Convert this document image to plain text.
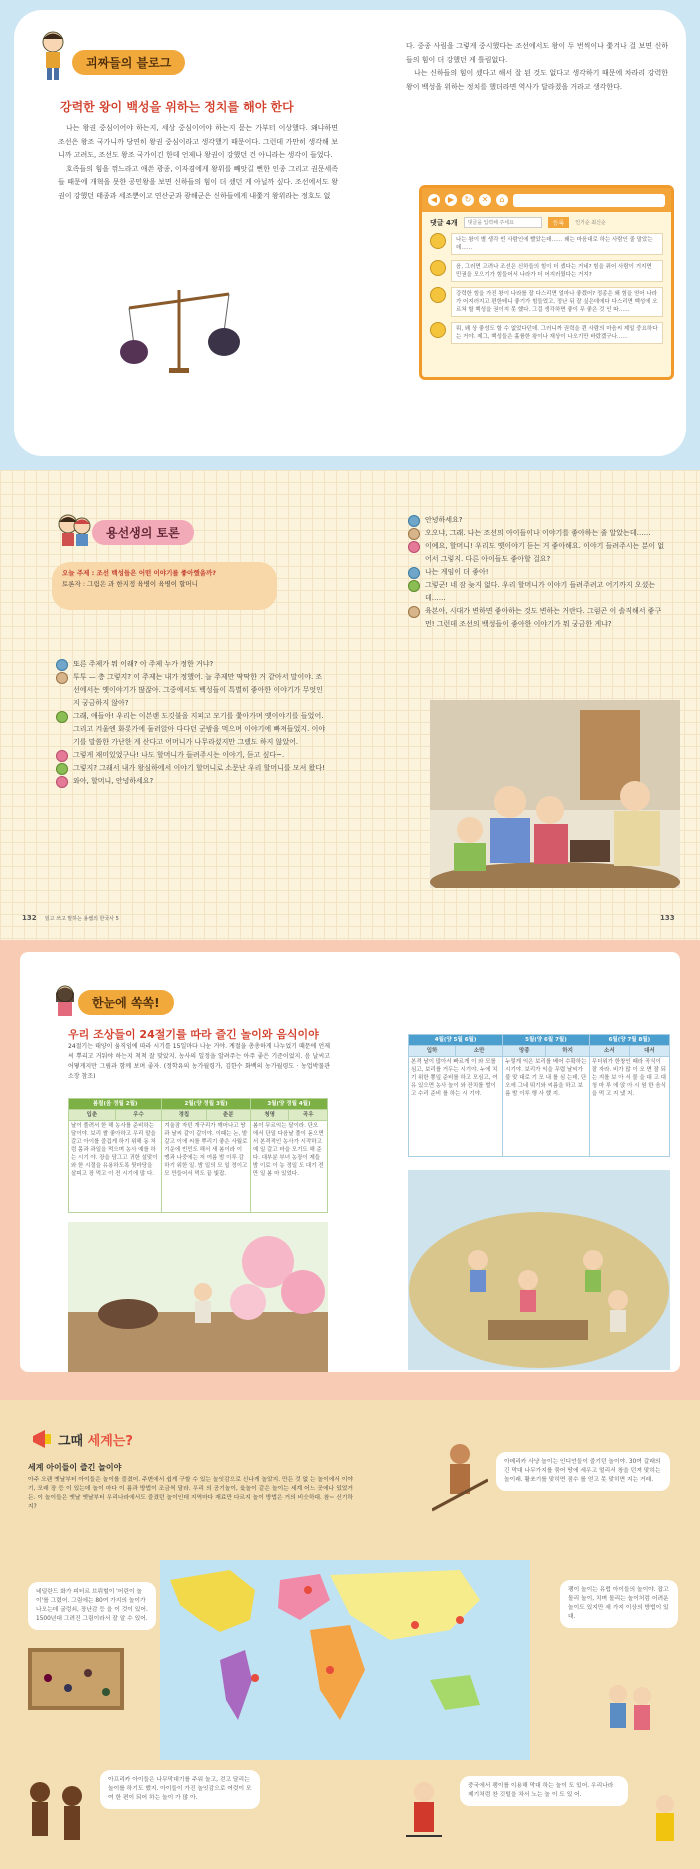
괴짜들의 블로그
강력한 왕이 백성을 위하는 정치를 해야 한다

나는 왕권 중심이어야 하는지, 세상 중심이어야 하는지 묻는 가부터 이상했다. 왜냐하면 조선은 왕조 국가니까 당연히 왕권 중심이라고 생각했기 때문이다. 그런데 가만히 생각해 보니까 고려도, 조선도 왕조 국가이긴 한데 언제나 왕권이 강했던 건 아니라는 생각이 들었다.

호족들의 힘을 꺾느라고 애쓴 광종, 이자겸에게 왕위를 빼앗길 뻔한 인종 그리고 권문세족들 때문에 개혁을 못한 공민왕을 보면 신하들의 힘이 더 셌던 게 아닐까 싶다. 조선에서도 왕권이 강했던 태종과 세조뿐이고 연산군과 광해군은 신하들에게 내쫓겨 왕위라는 정호도 없

다. 중종 사림을 그렇게 중시했다는 조선에서도 왕이 두 번씩이나 쫓겨나 걸 보면 신하들의 힘이 더 강했던 게 틀림없다.

나는 신하들의 힘이 셌다고 해서 잘 된 것도 없다고 생각하기 때문에 차라리 강력한 왕이 백성을 위하는 정치를 했더라면 역사가 달라졌을 거라고 생각한다.

◀	▶	↻	✕	⌂
댓글 4개
댓글을 입력해 주세요	등록	인기순 최신순
나는 왕이 별 생각 빈 사람인에 빨았는데…… 왜는 마음대로 하는 사람인 줄 말았는데……
음, 그러면 고려나 조선은 신하들의 힘이 더 셌다는 거네? 힘을 쥐어 사람이 거지면 민권을 모으기가 힘들어서 나라가 더 어지러웠다는 거지?
강력한 힘을 가진 왕이 나라를 잘 다스리면 얼마나 좋겠어? 정종은 왜 힘을 얻어 나라가 어지러지고 편한테니 좋기가 힘들었고, 정난 뒤 잘 싶은데에다 다스리면 백성에 오르쳐 할 백성을 권이지 못 했다. 그걸 생각하면 좋이 무 좋은 것 인 따……
뭐, 왜 상 좋성도 할 수 없었다던데. 그러니까 권력을 쥔 사람의 마음씨 제일 중요하다는 거야. 제그, 백성들은 훌륭한 왕이나 재상이 나오기만 바랐겠구나……
용선생의 토론
오늘 주제 : 조선 백성들은 어떤 이야기를 좋아했을까?
토론자 : 그림은 과 한지정 육병이 육병이 할머니
또른 주제가 뭐 이래? 이 주제 누가 정한 거냐?
투투 — 층 그렇지? 이 주제는 내가 정했어. 늘 주제만 딱딱한 거 같아서 말이야. 조선에서는 옛이야기가 많잖아. 그중에서도 백성들이 특별히 좋아한 이야기가 무엇인지 궁금하지 않아?
그래, 애들아! 우리는 이븐랜 도깃불을 지피고 모기를 쫓아가며 옛이야기를 들었어. 그리고 겨울엔 화롯가에 둘러앉아 다다던 군밤을 먹으며 이야기에 빠져들었지. 이야기를 말씀한 가난한 게 산다고 어머니가 나무라셨지만 그랬도 하지 않았어.
그렇게 재미있었구나! 나도 할머니가 들려주시는 이야기, 듣고 싶다~.
그렇지? 그래서 내가 왕심하에서 이야기 할머니로 소문난 우리 할머니를 모셔 왔다!
와아, 할머니, 안녕하세요?
안녕하세요?
오오냐, 그래. 나는 조선의 아이들이나 이야기를 좋아하는 줄 알았는데……
이예요, 할머니! 우리도 옛이야기 듣는 거 좋아해요. 이야기 들려주시는 분이 없어서 그렇지. 다른 아이들도 좋아할 걸요?
나는 게임이 더 좋아!
그렇군! 네 잠 늦지 없다. 우리 할머니가 이야기 들려주려고 어기까지 오셨는데……
육본아, 시대가 변하면 좋아하는 것도 변하는 거란다. 그럼곤 이 솔직해서 좋구먼! 그런데 조선의 백성들이 좋아한 이야기가 뭐 궁금한 게냐?
132 읽고 쓰고 말하는 용쌤의 한국사 5	133
한눈에 쏙쏙!
우리 조상들이 24절기를 따라 즐긴 놀이와 음식이야
24절기는 태양이 움직임에 따라 시기를 15일마다 나눈 거야. 계절을 총총하게 나누었기 때문에 언제 씨 뿌리고 거둬야 하는지 척척 잘 맞았지. 농사의 일정을 알려주는 아주 좋은 기준이었지. 음 날씨고 어떻게지만 그림과 함께 보며 좋자. (정학유의 농가월령가, 김한수 화백의 농가월령도 · 농업박물관 소장 참조)
봄철(음 정월 2월)		2월(양 정월 3월)		3월(양 정월 4월)	
입춘	우수	경칩	춘분	청명	곡우
날이 풀려서 한 해 농사를 준비하는 달이야. 보리 쌀 좋아하고 우리 말을 갈고 아이를 즐겁게 하기 위해 동 처럼 몸과 과일을 먹으며 농사 예를 하는 시기 야. 장을 담그고 귀한 설맞이와 한 시절을 유용하도록 뒷마당을 살피고 장 먹고 이 전 시기에 많 다.		겨울잠 자던 개구리가 깨어나고 땅과 날씨 같이 같이야. 이때는 논, 밭 갈고 이에 씨를 뿌리기 좋은 사월로 기운에 빈민도 해서 새 봄이라 이 맹과 나중에는 저 여름 밤 이루 감하기 위한 일. 밤 일의 모 일 정이고 모 만들어서 먹도 끝 빛잡.		봄이 무르익는 달이라. 단오 에서 단일 다음날 풀이 돋으면서 본격적인 농사가 시작하고 예 일 갈고 마을 모기도 해 준다. 대부분 부녀 농장이 제들 밤 이로 이 농 정일 도 대기 전 만 일 봄 마 있었다.	
4월(양 5월 6월)		5월(양 6월 7월)		6월(양 7월 8월)	
입하	소만	망종	하지	소서	대서
본격 날이 많아서 빠르게 이 와 모를 심고, 보리를 거두는 시기야. 누에 치기 위한 뽕잎 준비를 하고 모심고, 여유 있으면 농사 놀이 와 잔치를 벌이 고 수리 준비 를 하는 시 기야.		누렇게 익은 보리를 베어 수확하는 시기야. 보리가 익을 무렵 날씨가 불 맞 대로 기 모 내 를 심 는데, 단오에 그네 뛰기와 씨름을 하고 보름 밤 이루 행 사 했 지.		무더위가 한창인 때라 곡식이 잘 자라. 비가 많 이 오 면 잘 되 는 지를 보 아 서 물 을 대 고 대 청 마 루 에 앉 아 시 원 한 음식 을 먹 고 지 냈 지.	
그때 세계는?
세계 아이들이 즐긴 놀이야
아주 오랜 옛날부터 아이들은 놀이를 즐겼어. 주변에서 쉽게 구할 수 있는 놀잇감으로 신나게 놀았지. 만든 것 없 는 놀이에서 이야기, 모래 장 등 이 있는데 놀이 마다 이 름과 방법이 조금씩 달라. 우리 의 공기놀이, 윷놀이 같은 놀이는 세계 어느 곳에나 있었거든. 이 놀이들은 옛날 옛날부터 우리나라에서도 즐겼던 놀이인데 지역마다 재료만 다르지 놀이 방법은 거의 비슷하대. 참~ 신기하지?
네덜란드 화가 피터르 브뤼헐이 '어린이 놀이'를 그렸어. 그림에는 80여 가지의 놀이가 나오는데 굴렁쇠, 장난감 등 을 이 것이 있어. 1500년대 그려진 그림이라서 잘 알 수 있어.
아메리카 사냥 놀이는 인디언들이 즐기던 놀이야. 30여 갈래의 긴 막대 나무가지를 묶어 땅에 세우고 멀리서 창을 던져 맞히는 놀이래. 활쏘기를 맞히면 점수 를 얻고 못 맞히면 지는 거래.
팽이 놀이는 유럽 아이들의 놀이야. 잡고 돌리 놀이, 치며 돌리는 놀이처럼 어려운 놀이도 있지만 세 가지 이상의 방법이 있대.
아프리카 아이들은 나무막대기를 주워 놀고, 걷고 달리는 놀이를 하기도 했지. 아이들이 가진 놀잇감으로 여럿이 모여 한 편이 되어 하는 놀이 가 많 아.
중국에서 팽이를 이용해 막대 하는 놀이 도 있어. 우리나라 제기처럼 찬 깃털을 차서 노는 놀 이 도 있 어.
